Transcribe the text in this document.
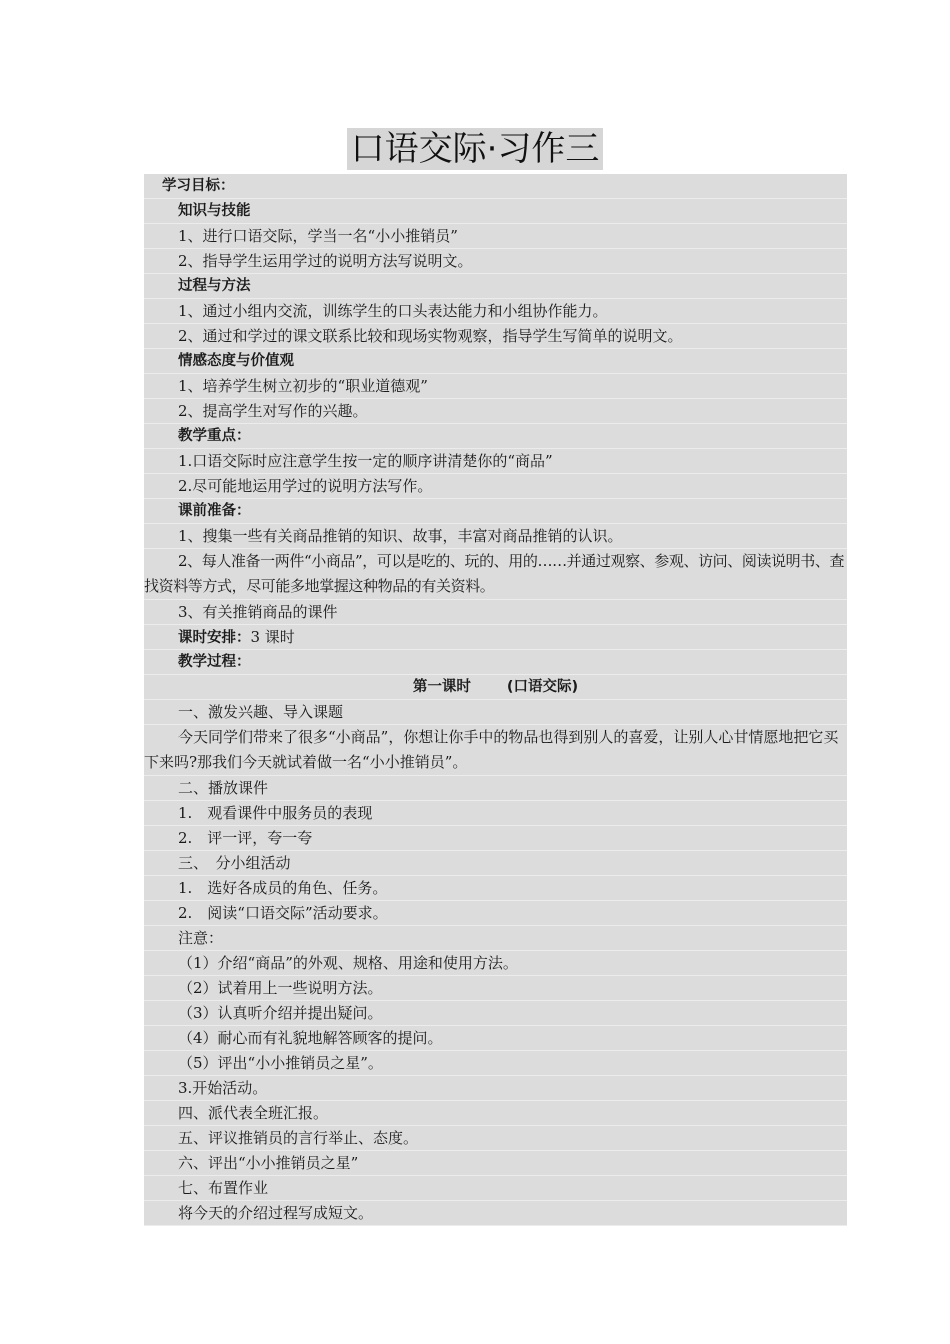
口语交际·习作三
学习目标：
知识与技能
1、进行口语交际，学当一名“小小推销员”
2、指导学生运用学过的说明方法写说明文。
过程与方法
1、通过小组内交流，训练学生的口头表达能力和小组协作能力。
2、通过和学过的课文联系比较和现场实物观察，指导学生写简单的说明文。
情感态度与价值观
1、培养学生树立初步的“职业道德观”
2、提高学生对写作的兴趣。
教学重点：
1.口语交际时应注意学生按一定的顺序讲清楚你的“商品”
2.尽可能地运用学过的说明方法写作。
课前准备：
1、搜集一些有关商品推销的知识、故事，丰富对商品推销的认识。
2、每人准备一两件“小商品”，可以是吃的、玩的、用的……并通过观察、参观、访问、阅读说明书、查找资料等方式，尽可能多地掌握这种物品的有关资料。
3、有关推销商品的课件
课时安排：3 课时
教学过程：
第一课时 (口语交际)
一、激发兴趣、导入课题
今天同学们带来了很多“小商品”，你想让你手中的物品也得到别人的喜爱，让别人心甘情愿地把它买下来吗?那我们今天就试着做一名“小小推销员”。
二、播放课件
1.　观看课件中服务员的表现
2.　评一评，夸一夸
三、　分小组活动
1.　选好各成员的角色、任务。
2.　阅读“口语交际”活动要求。
注意：
（1）介绍“商品”的外观、规格、用途和使用方法。
（2）试着用上一些说明方法。
（3）认真听介绍并提出疑问。
（4）耐心而有礼貌地解答顾客的提问。
（5）评出“小小推销员之星”。
3.开始活动。
四、派代表全班汇报。
五、评议推销员的言行举止、态度。
六、评出“小小推销员之星”
七、布置作业
将今天的介绍过程写成短文。
